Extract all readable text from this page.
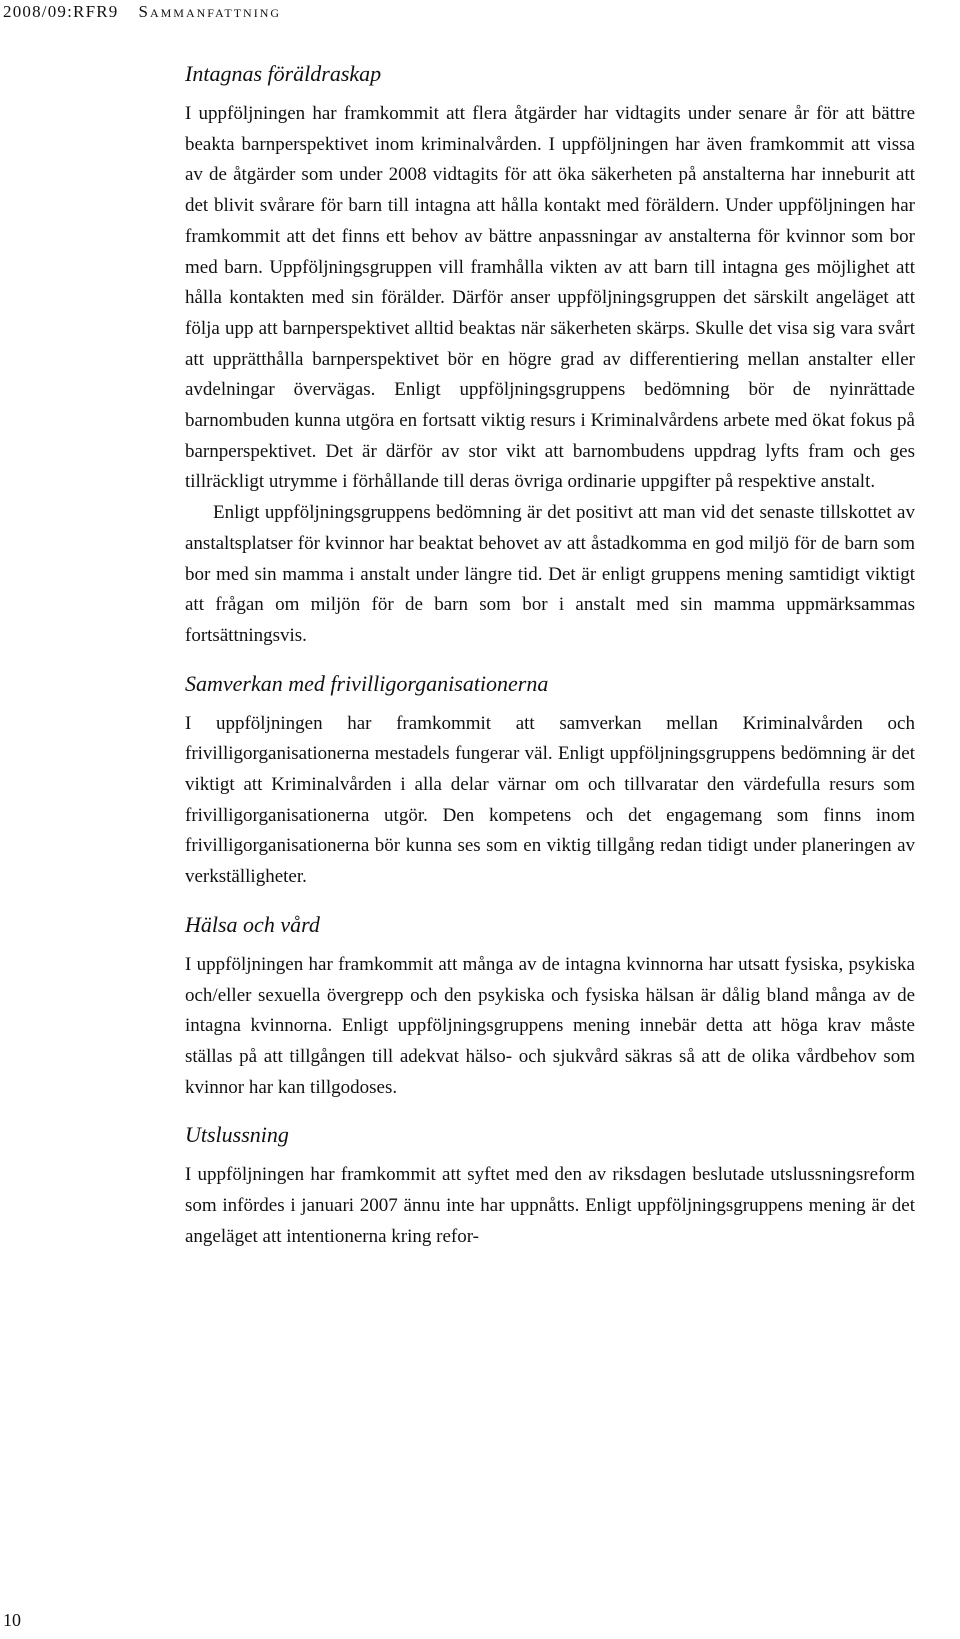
2008/09:RFR9 Sammanfattning
Intagnas föräldraskap

I uppföljningen har framkommit att flera åtgärder har vidtagits under senare år för att bättre beakta barnperspektivet inom kriminalvården. I uppföljningen har även framkommit att vissa av de åtgärder som under 2008 vidtagits för att öka säkerheten på anstalterna har inneburit att det blivit svårare för barn till intagna att hålla kontakt med föräldern. Under uppföljningen har framkommit att det finns ett behov av bättre anpassningar av anstalterna för kvinnor som bor med barn. Uppföljningsgruppen vill framhålla vikten av att barn till intagna ges möjlighet att hålla kontakten med sin förälder. Därför anser uppföljningsgruppen det särskilt angeläget att följa upp att barnperspektivet alltid beaktas när säkerheten skärps. Skulle det visa sig vara svårt att upprätthålla barnperspektivet bör en högre grad av differentiering mellan anstalter eller avdelningar övervägas. Enligt uppföljningsgruppens bedömning bör de nyinrättade barnombuden kunna utgöra en fortsatt viktig resurs i Kriminalvårdens arbete med ökat fokus på barnperspektivet. Det är därför av stor vikt att barnombudens uppdrag lyfts fram och ges tillräckligt utrymme i förhållande till deras övriga ordinarie uppgifter på respektive anstalt.

Enligt uppföljningsgruppens bedömning är det positivt att man vid det senaste tillskottet av anstaltsplatser för kvinnor har beaktat behovet av att åstadkomma en god miljö för de barn som bor med sin mamma i anstalt under längre tid. Det är enligt gruppens mening samtidigt viktigt att frågan om miljön för de barn som bor i anstalt med sin mamma uppmärksammas fortsättningsvis.

Samverkan med frivilligorganisationerna

I uppföljningen har framkommit att samverkan mellan Kriminalvården och frivilligorganisationerna mestadels fungerar väl. Enligt uppföljningsgruppens bedömning är det viktigt att Kriminalvården i alla delar värnar om och tillvaratar den värdefulla resurs som frivilligorganisationerna utgör. Den kompetens och det engagemang som finns inom frivilligorganisationerna bör kunna ses som en viktig tillgång redan tidigt under planeringen av verkställigheter.

Hälsa och vård

I uppföljningen har framkommit att många av de intagna kvinnorna har utsatt fysiska, psykiska och/eller sexuella övergrepp och den psykiska och fysiska hälsan är dålig bland många av de intagna kvinnorna. Enligt uppföljningsgruppens mening innebär detta att höga krav måste ställas på att tillgången till adekvat hälso- och sjukvård säkras så att de olika vårdbehov som kvinnor har kan tillgodoses.

Utslussning

I uppföljningen har framkommit att syftet med den av riksdagen beslutade utslussningsreform som infördes i januari 2007 ännu inte har uppnåtts. Enligt uppföljningsgruppens mening är det angeläget att intentionerna kring refor-

10
